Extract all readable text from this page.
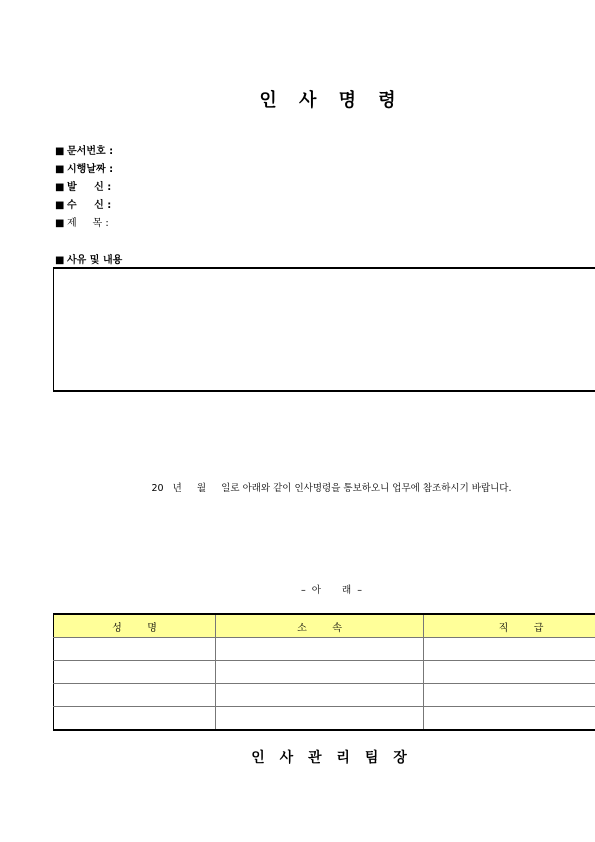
인 사 명 령
■ 문서번호 :
■ 시행날짜 :
■ 발     신 :
■ 수     신 :
■ 제     목 :
■ 사유 및 내용
20   년     월     일로 아래와 같이 인사명령을 통보하오니 업무에 참조하시기 바랍니다.
–  아       래  –
성        명	소        속	직        급

인 사 관 리 팀 장
